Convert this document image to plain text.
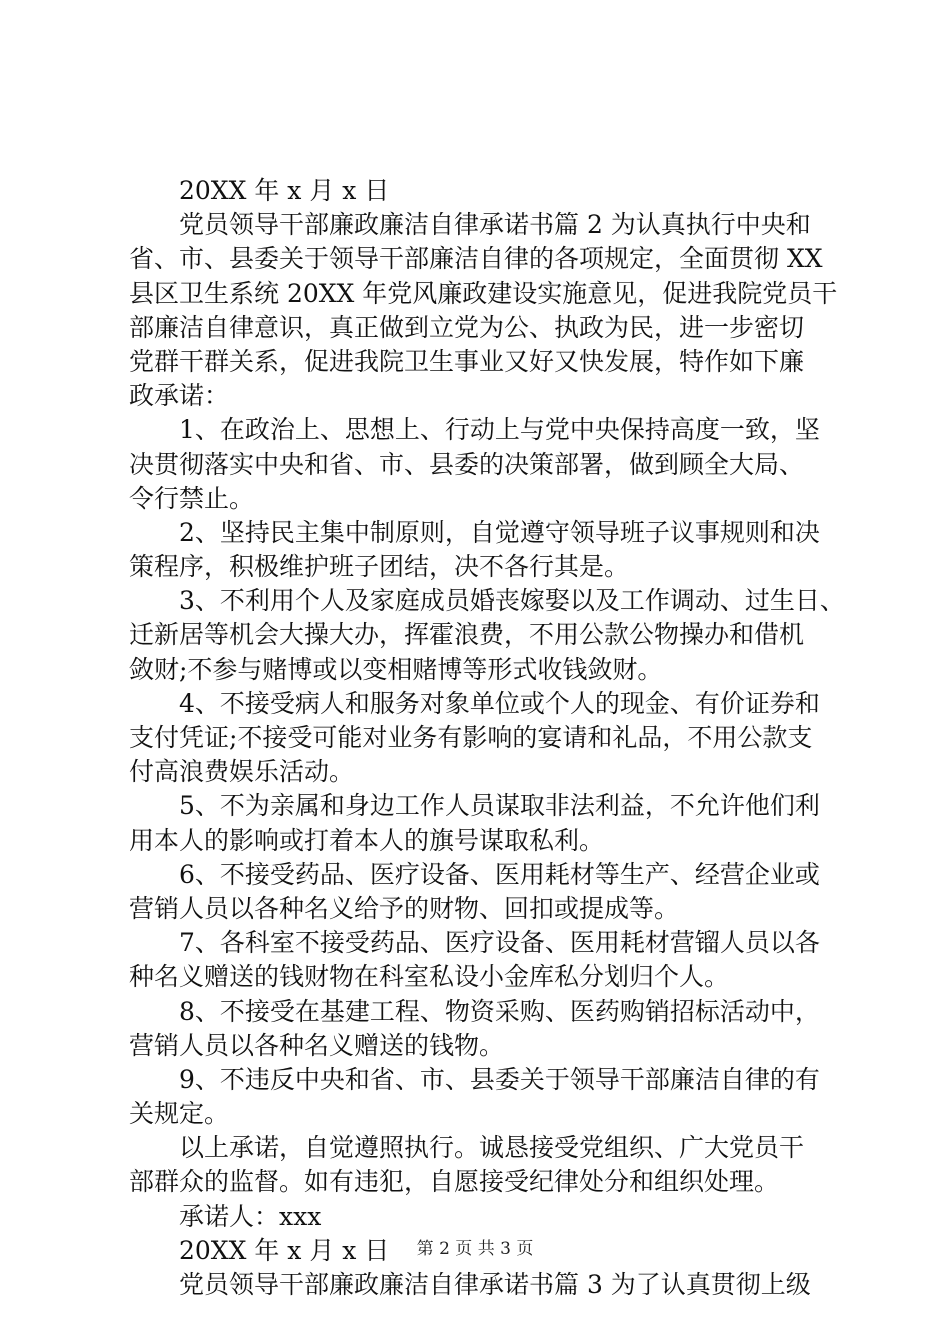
20XX 年 x 月 x 日
党员领导干部廉政廉洁自律承诺书篇 2 为认真执行中央和
省、市、县委关于领导干部廉洁自律的各项规定，全面贯彻 XX
县区卫生系统 20XX 年党风廉政建设实施意见，促进我院党员干
部廉洁自律意识，真正做到立党为公、执政为民，进一步密切
党群干群关系，促进我院卫生事业又好又快发展，特作如下廉
政承诺：
1、在政治上、思想上、行动上与党中央保持高度一致，坚
决贯彻落实中央和省、市、县委的决策部署，做到顾全大局、
令行禁止。
2、坚持民主集中制原则，自觉遵守领导班子议事规则和决
策程序，积极维护班子团结，决不各行其是。
3、不利用个人及家庭成员婚丧嫁娶以及工作调动、过生日、
迁新居等机会大操大办，挥霍浪费，不用公款公物操办和借机
敛财;不参与赌博或以变相赌博等形式收钱敛财。
4、不接受病人和服务对象单位或个人的现金、有价证券和
支付凭证;不接受可能对业务有影响的宴请和礼品，不用公款支
付高浪费娱乐活动。
5、不为亲属和身边工作人员谋取非法利益，不允许他们利
用本人的影响或打着本人的旗号谋取私利。
6、不接受药品、医疗设备、医用耗材等生产、经营企业或
营销人员以各种名义给予的财物、回扣或提成等。
7、各科室不接受药品、医疗设备、医用耗材营镏人员以各
种名义赠送的钱财物在科室私设小金库私分划归个人。
8、不接受在基建工程、物资采购、医药购销招标活动中，
营销人员以各种名义赠送的钱物。
9、不违反中央和省、市、县委关于领导干部廉洁自律的有
关规定。
以上承诺，自觉遵照执行。诚恳接受党组织、广大党员干
部群众的监督。如有违犯，自愿接受纪律处分和组织处理。
承诺人：xxx
20XX 年 x 月 x 日
党员领导干部廉政廉洁自律承诺书篇 3 为了认真贯彻上级
第 2 页 共 3 页
